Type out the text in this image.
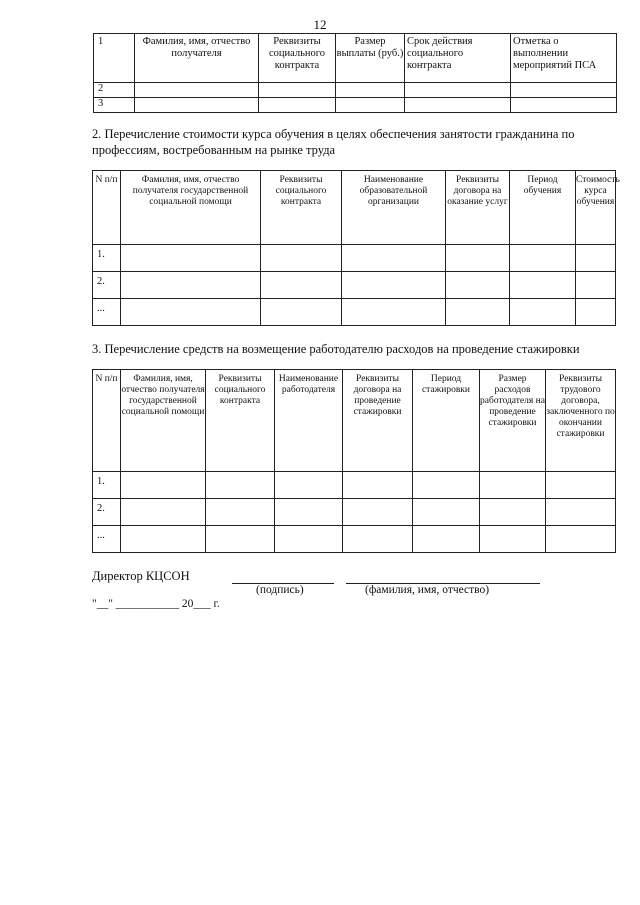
12
1	Фамилия, имя, отчество получателя	Реквизиты социального контракта	Размер выплаты (руб.)	Срок действия социального контракта	Отметка о выполнении мероприятий ПСА
2					
3					
2. Перечисление стоимости курса обучения в целях обеспечения занятости гражданина по профессиям, востребованным на рынке труда
N п/п	Фамилия, имя, отчество получателя государственной социальной помощи	Реквизиты социального контракта	Наименование образовательной организации	Реквизиты договора на оказание услуг	Период обучения	Стоимость курса обучения
1.						
2.						
...						
3. Перечисление средств на возмещение работодателю расходов на проведение стажировки
N п/п	Фамилия, имя, отчество получателя государственной социальной помощи	Реквизиты социального контракта	Наименование работодателя	Реквизиты договора на проведение стажировки	Период стажировки	Размер расходов работодателя на проведение стажировки	Реквизиты трудового договора, заключенного по окончании стажировки
1.							
2.							
...							
Директор КЦСОН
(подпись)	(фамилия, имя, отчество)
"__" ___________ 20___ г.
